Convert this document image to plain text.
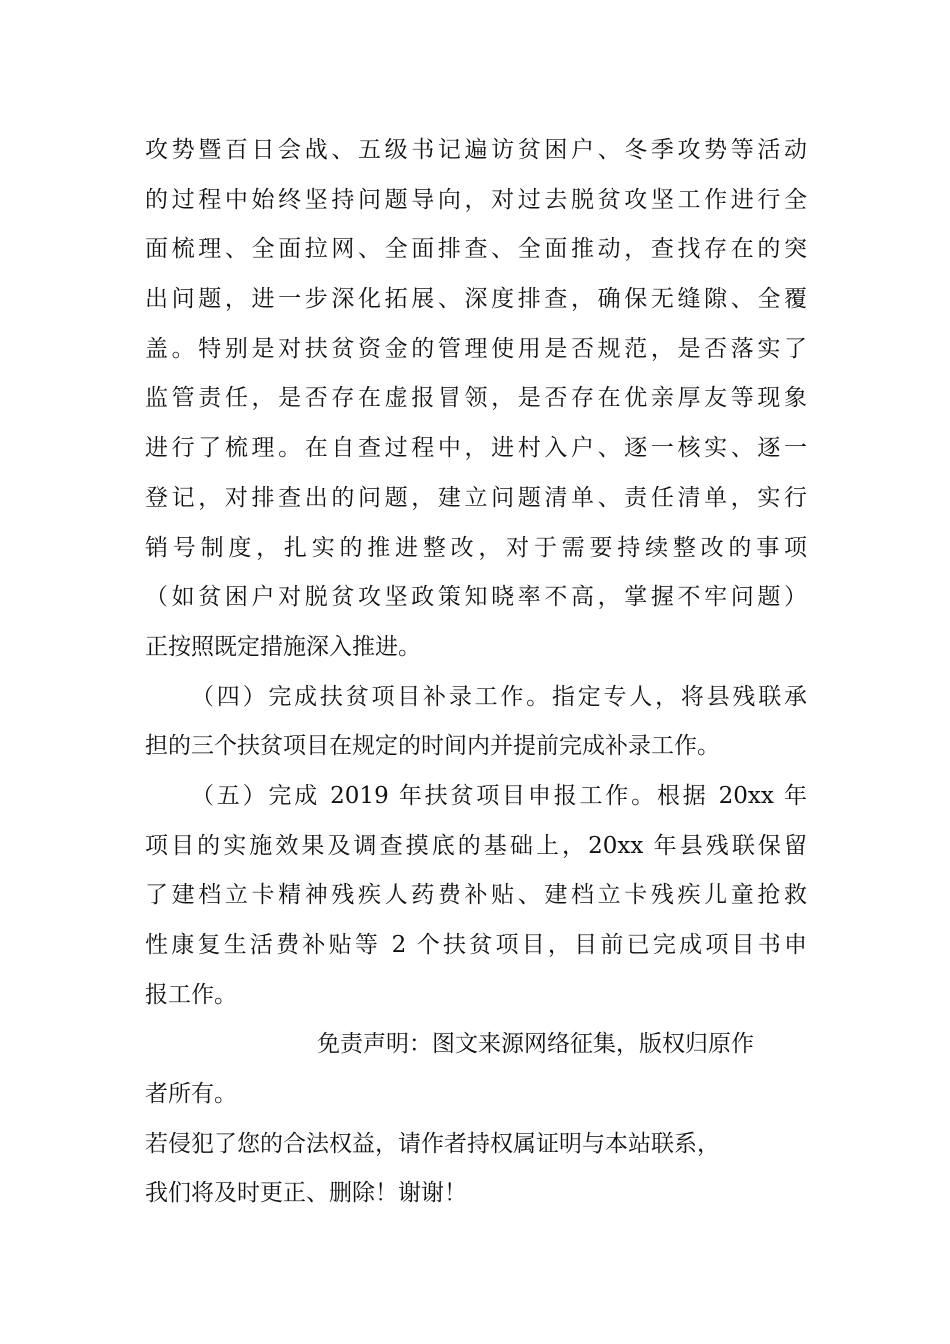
攻势暨百日会战、五级书记遍访贫困户、冬季攻势等活动
的过程中始终坚持问题导向，对过去脱贫攻坚工作进行全
面梳理、全面拉网、全面排查、全面推动，查找存在的突
出问题，进一步深化拓展、深度排查，确保无缝隙、全覆
盖。特别是对扶贫资金的管理使用是否规范，是否落实了
监管责任，是否存在虚报冒领，是否存在优亲厚友等现象
进行了梳理。在自查过程中，进村入户、逐一核实、逐一
登记，对排查出的问题，建立问题清单、责任清单，实行
销号制度，扎实的推进整改，对于需要持续整改的事项
（如贫困户对脱贫攻坚政策知晓率不高，掌握不牢问题）
正按照既定措施深入推进。
（四）完成扶贫项目补录工作。指定专人，将县残联承
担的三个扶贫项目在规定的时间内并提前完成补录工作。
（五）完成 2019 年扶贫项目申报工作。根据 20xx 年
项目的实施效果及调查摸底的基础上，20xx 年县残联保留
了建档立卡精神残疾人药费补贴、建档立卡残疾儿童抢救
性康复生活费补贴等 2 个扶贫项目，目前已完成项目书申
报工作。
免责声明：图文来源网络征集，版权归原作
者所有。
若侵犯了您的合法权益，请作者持权属证明与本站联系，
我们将及时更正、删除！谢谢！
